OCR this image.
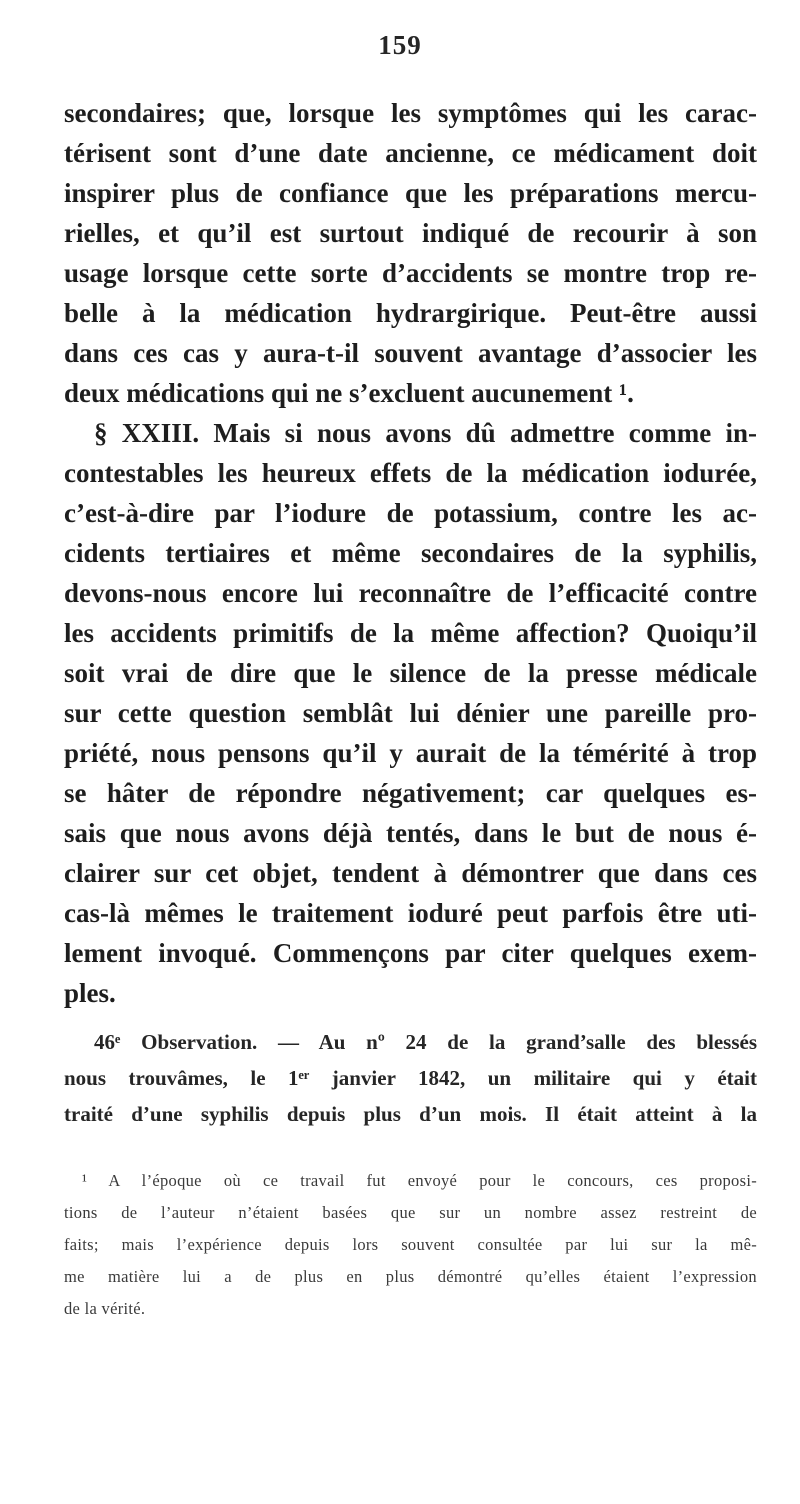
159
secondaires; que, lorsque les symptômes qui les carac-
térisent sont d’une date ancienne, ce médicament doit
inspirer plus de confiance que les préparations mercu-
rielles, et qu’il est surtout indiqué de recourir à son
usage lorsque cette sorte d’accidents se montre trop re-
belle à la médication hydrargirique. Peut-être aussi
dans ces cas y aura-t-il souvent avantage d’associer les
deux médications qui ne s’excluent aucunement ¹.
§ XXIII. Mais si nous avons dû admettre comme in-
contestables les heureux effets de la médication iodurée,
c’est-à-dire par l’iodure de potassium, contre les ac-
cidents tertiaires et même secondaires de la syphilis,
devons-nous encore lui reconnaître de l’efficacité contre
les accidents primitifs de la même affection? Quoiqu’il
soit vrai de dire que le silence de la presse médicale
sur cette question semblât lui dénier une pareille pro-
priété, nous pensons qu’il y aurait de la témérité à trop
se hâter de répondre négativement; car quelques es-
sais que nous avons déjà tentés, dans le but de nous é-
clairer sur cet objet, tendent à démontrer que dans ces
cas-là mêmes le traitement ioduré peut parfois être uti-
lement invoqué. Commençons par citer quelques exem-
ples.
46ᵉ Observation. — Au nº 24 de la grand’salle des blessés
nous trouvâmes, le 1ᵉʳ janvier 1842, un militaire qui y était
traité d’une syphilis depuis plus d’un mois. Il était atteint à la
¹ A l’époque où ce travail fut envoyé pour le concours, ces proposi-
tions de l’auteur n’étaient basées que sur un nombre assez restreint de
faits; mais l’expérience depuis lors souvent consultée par lui sur la mê-
me matière lui a de plus en plus démontré qu’elles étaient l’expression
de la vérité.
